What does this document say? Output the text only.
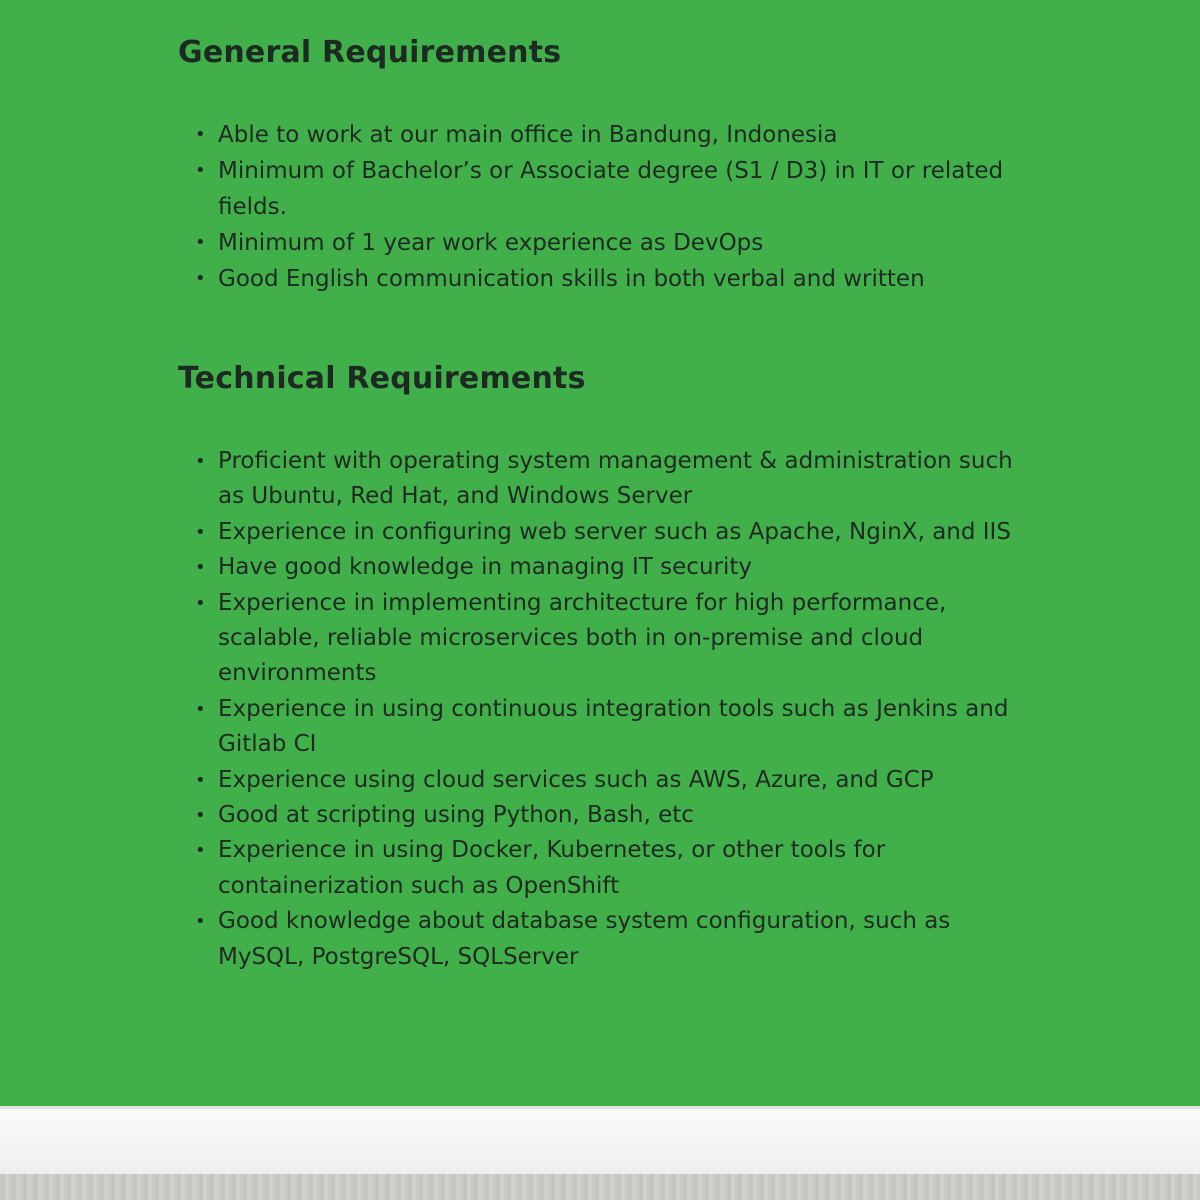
General Requirements
• Able to work at our main office in Bandung, Indonesia
• Minimum of Bachelor’s or Associate degree (S1 / D3) in IT or related fields.
• Minimum of 1 year work experience as DevOps
• Good English communication skills in both verbal and written
Technical Requirements
• Proficient with operating system management & administration such as Ubuntu, Red Hat, and Windows Server
• Experience in configuring web server such as Apache, NginX, and IIS
• Have good knowledge in managing IT security
• Experience in implementing architecture for high performance, scalable, reliable microservices both in on-premise and cloud environments
• Experience in using continuous integration tools such as Jenkins and Gitlab CI
• Experience using cloud services such as AWS, Azure, and GCP
• Good at scripting using Python, Bash, etc
• Experience in using Docker, Kubernetes, or other tools for containerization such as OpenShift
• Good knowledge about database system configuration, such as MySQL, PostgreSQL, SQLServer
